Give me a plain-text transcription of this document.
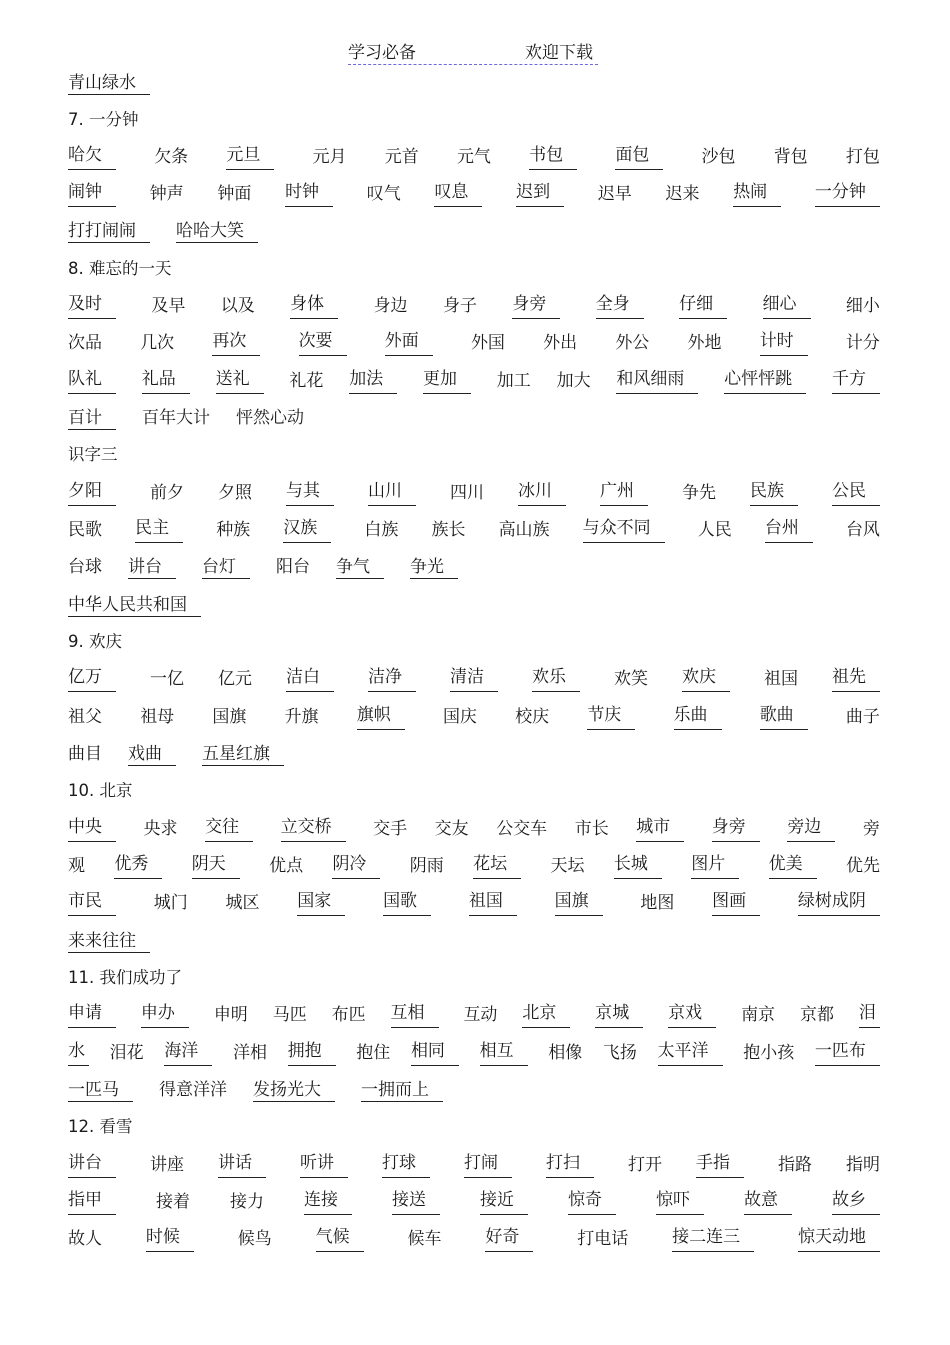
学习必备	欢迎下载
青山绿水
7. 一分钟
哈欠	欠条 元旦	元月 元首 元气 书包	面包	沙包 背包 打包
闹钟	钟声 钟面 时钟	叹气 叹息	迟到	迟早 迟来 热闹	一分钟
打打闹闹 哈哈大笑
8. 难忘的一天
及时	及早 以及 身体	身边 身子 身旁	全身	仔细	细心	细小
次品 几次 再次	次要	外面	外国 外出 外公 外地 计时	计分
队礼	礼品	送礼	礼花 加法	更加	加工 加大 和风细雨	心怦怦跳	千方
百计 百年大计 怦然心动
识字三
夕阳	前夕 夕照 与其	山川	四川 冰川	广州	争先 民族	公民
民歌 民主	种族 汉族	白族 族长 高山族 与众不同	人民 台州	台风
台球 讲台 台灯 阳台 争气 争光
中华人民共和国
9. 欢庆
亿万	一亿 亿元 洁白	洁净	清洁	欢乐	欢笑 欢庆	祖国 祖先
祖父 祖母 国旗 升旗 旗帜	国庆 校庆 节庆	乐曲	歌曲	曲子
曲目 戏曲 五星红旗
10. 北京
中央	央求 交往	立交桥	交手 交友 公交车 市长 城市	身旁	旁边	旁
观 优秀	阴天	优点 阴冷	阴雨 花坛	天坛 长城	图片	优美	优先
市民	城门 城区 国家	国歌	祖国	国旗	地图 图画	绿树成阴
来来往往
11. 我们成功了
申请	申办	申明 马匹 布匹 互相	互动 北京	京城	京戏	南京 京都 泪
水 泪花 海洋	洋相 拥抱	抱住 相同	相互	相像 飞扬 太平洋	抱小孩 一匹布
一匹马 得意洋洋 发扬光大 一拥而上
12. 看雪
讲台	讲座 讲话	听讲	打球	打闹	打扫	打开 手指	指路 指明
指甲	接着 接力 连接	接送	接近	惊奇	惊吓	故意	故乡
故人	时候	候鸟	气候	候车	好奇	打电话	接二连三	惊天动地
